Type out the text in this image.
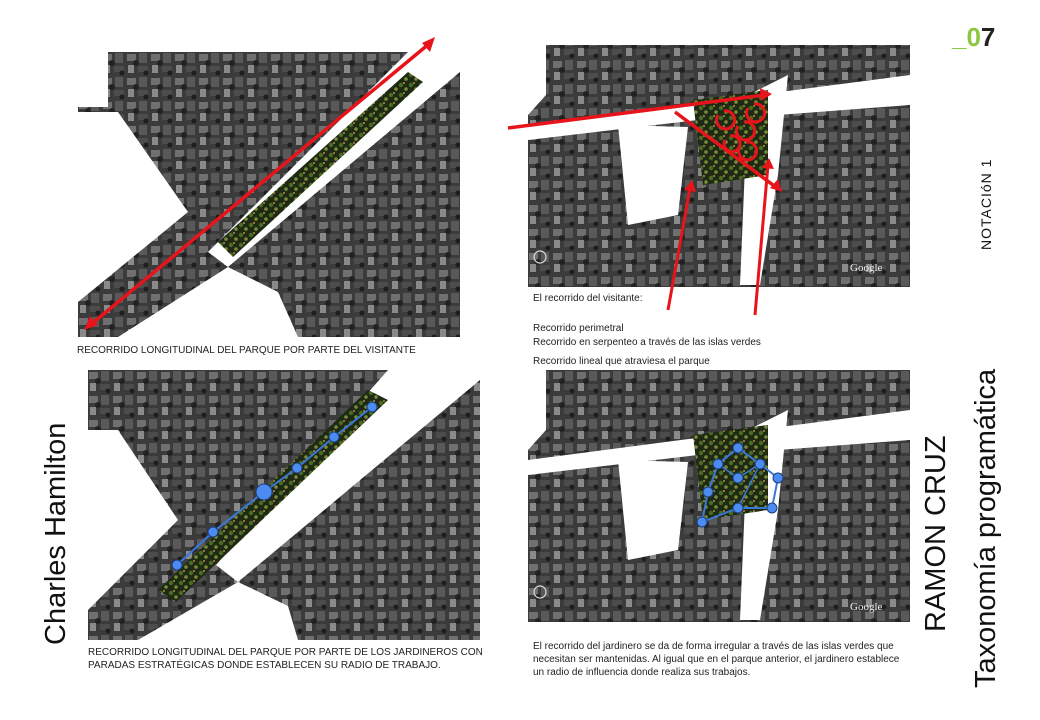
_07
NOTACIóN 1
Taxonomía programática
RAMON CRUZ
Charles Hamilton
RECORRIDO LONGITUDINAL DEL PARQUE POR PARTE DEL VISITANTE
Google
El recorrido del visitante:
Recorrido perimetral
Recorrido en serpenteo a través de las islas verdes
Recorrido lineal que atraviesa el parque
RECORRIDO LONGITUDINAL DEL PARQUE POR PARTE DE LOS JARDINEROS CON PARADAS ESTRATÉGICAS DONDE ESTABLECEN SU RADIO DE TRABAJO.
Google
El recorrido del jardinero se da de forma irregular a través de las islas verdes que necesitan ser mantenidas. Al igual que en el parque anterior, el jardinero establece un radio de influencia donde realiza sus trabajos.
